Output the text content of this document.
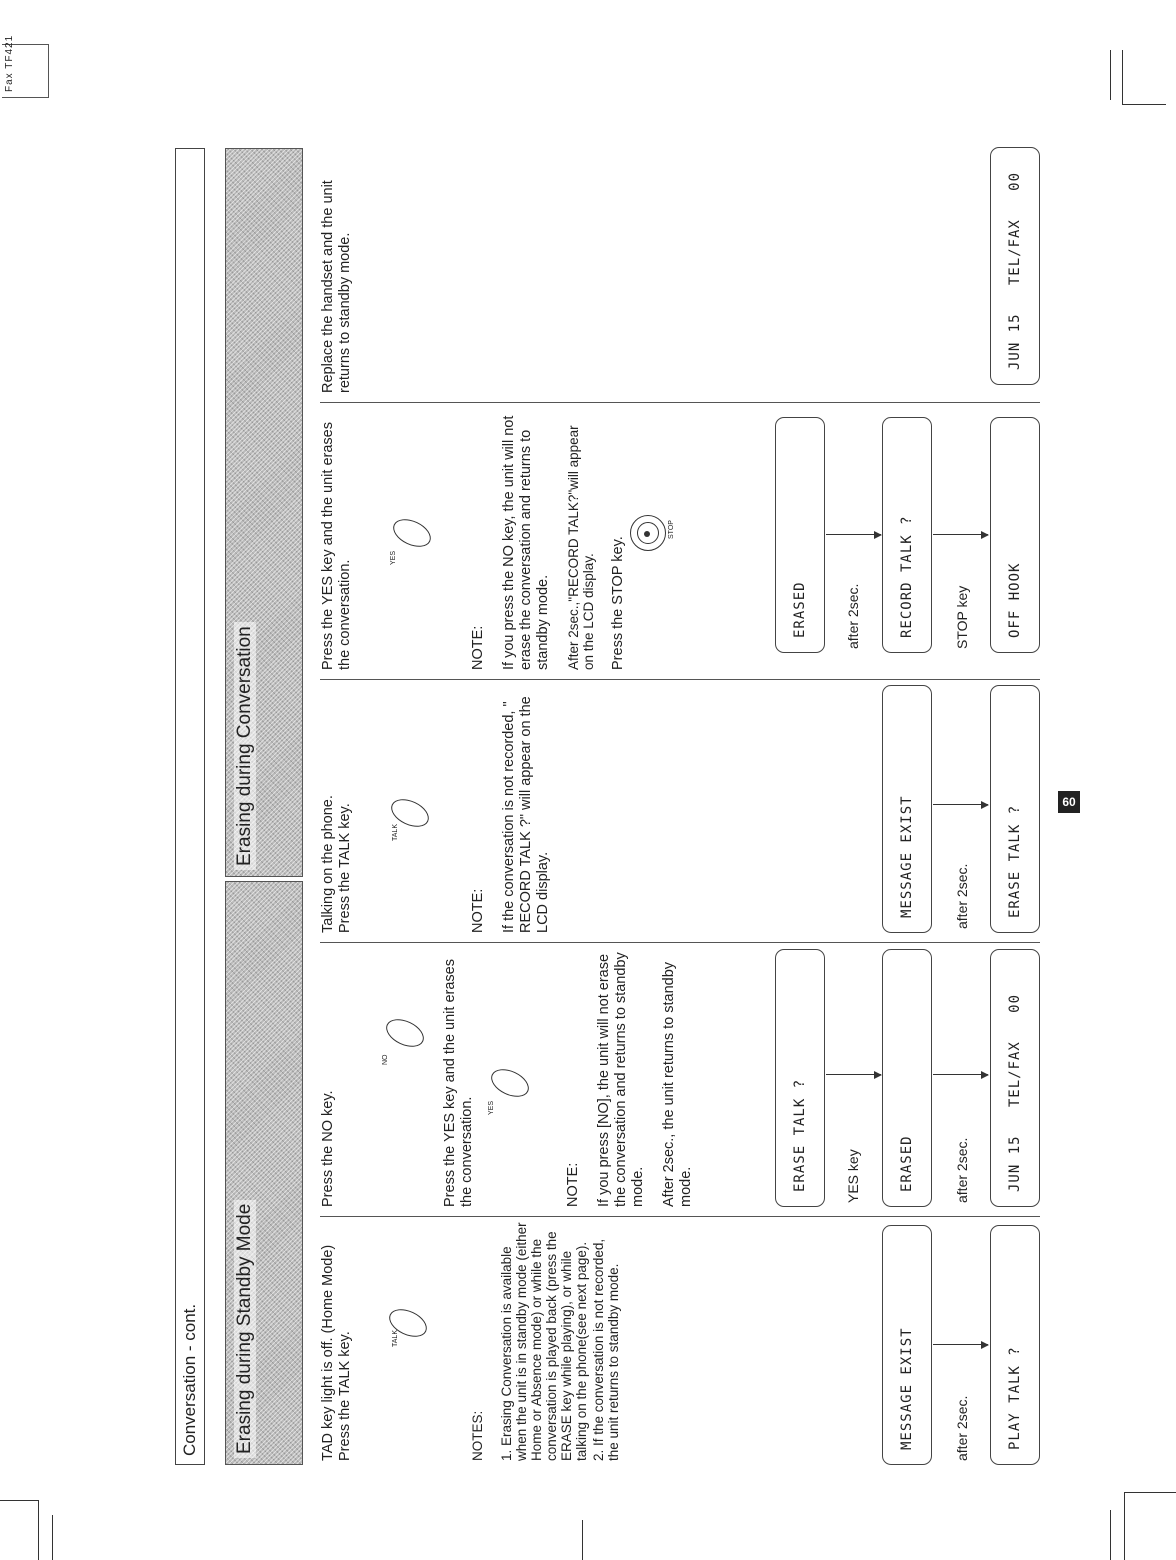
Fax TF421
Conversation - cont. Erasing during Standby Mode
Erasing during Conversation

TAD key light is off. (Home Mode) Press the TALK key.	TALK

NOTES: 1. Erasing Conversation is available when the unit is in standby mode (either Home or Absence mode) or while the conversation is played back (press the ERASE key while playing), or while talking on the phone(see next page). 2. If the conversation is not recorded, the unit returns to standby mode.	MESSAGE EXIST	after 2sec.	PLAY TALK ?

Press the NO key.

NO	Press the YES key and the unit erases the conversation. YES

NOTE: If you press [NO], the unit will not erase the conversation and returns to standby mode. After 2sec., the unit returns to standby mode.	ERASE TALK ?	YES key	ERASED	after 2sec.	JUN 15   TEL/FAX   00

Talking on the phone. Press the TALK key.	TALK

NOTE: If the conversation is not recorded, " RECORD TALK ?" will appear on the LCD display.	MESSAGE EXIST	after 2sec.	ERASE TALK ?

Press the YES key and the unit erases the conversation.

YES

NOTE: If you press the NO key, the unit will not erase the conversation and returns to standby mode. After 2sec.,"RECORD TALK?"will appear on the LCD display. Press the STOP key.

STOP
ERASED	after 2sec.	RECORD TALK ?	STOP key	OFF HOOK

Replace the handset and the unit returns to standby mode.	JUN 15   TEL/FAX   00
60
